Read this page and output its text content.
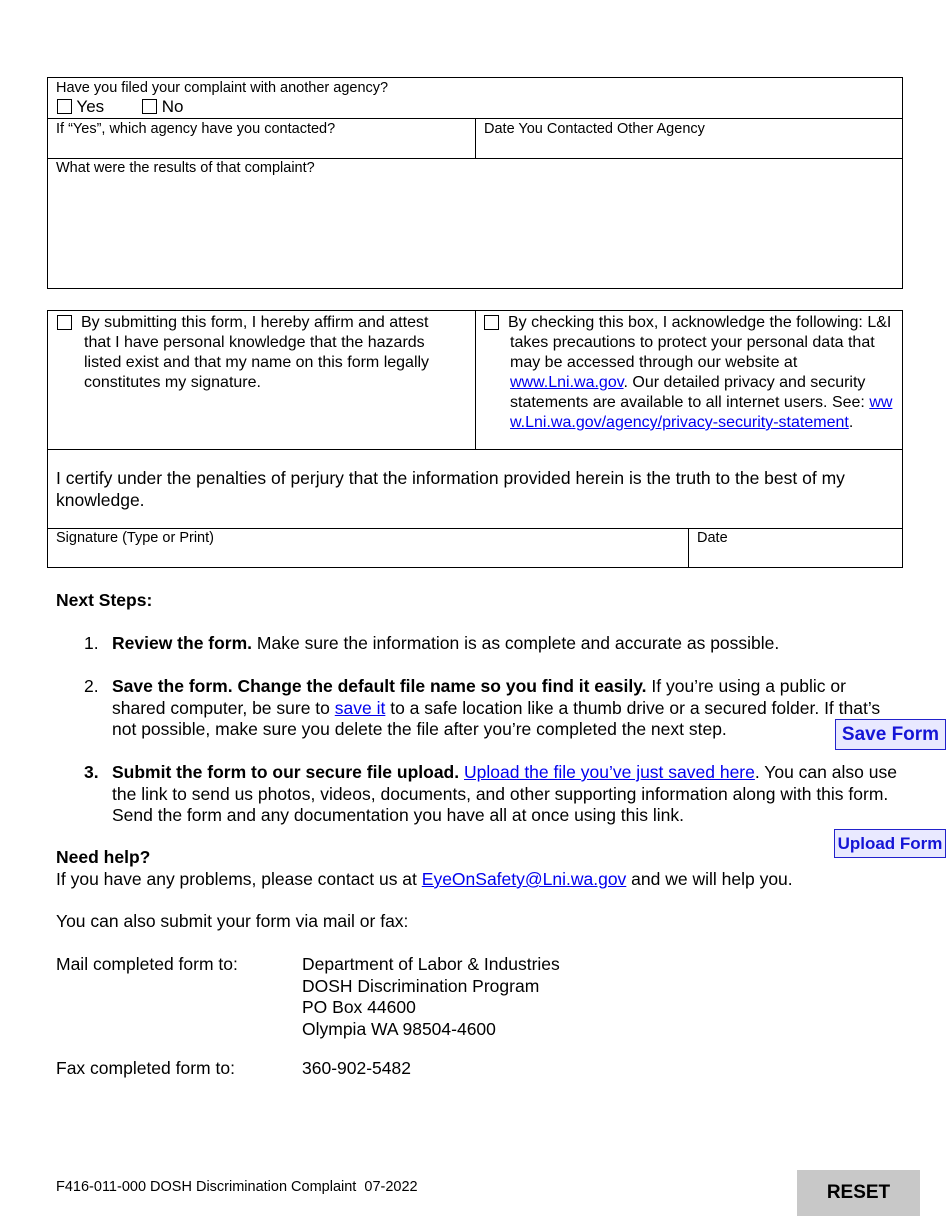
Have you filed your complaint with another agency?
Yes	No
If “Yes”, which agency have you contacted?	Date You Contacted Other Agency
What were the results of that complaint?
By submitting this form, I hereby affirm and attest that I have personal knowledge that the hazards listed exist and that my name on this form legally constitutes my signature.
By checking this box, I acknowledge the following: L&I takes precautions to protect your personal data that may be accessed through our website at www.Lni.wa.gov. Our detailed privacy and security statements are available to all internet users. See: www.Lni.wa.gov/agency/privacy-security-statement.
I certify under the penalties of perjury that the information provided herein is the truth to the best of my knowledge.
Signature (Type or Print)	Date
Next Steps:
1. Review the form. Make sure the information is as complete and accurate as possible.
2. Save the form. Change the default file name so you find it easily. If you’re using a public or shared computer, be sure to save it to a safe location like a thumb drive or a secured folder. If that’s not possible, make sure you delete the file after you’re completed the next step.	Save Form
3. Submit the form to our secure file upload. Upload the file you’ve just saved here. You can also use the link to send us photos, videos, documents, and other supporting information along with this form. Send the form and any documentation you have all at once using this link.
Upload Form
Need help?
If you have any problems, please contact us at EyeOnSafety@Lni.wa.gov and we will help you.
You can also submit your form via mail or fax:
Mail completed form to:	Department of Labor & Industries
DOSH Discrimination Program
PO Box 44600
Olympia WA 98504-4600
Fax completed form to:	360-902-5482
F416-011-000 DOSH Discrimination Complaint  07-2022	RESET
